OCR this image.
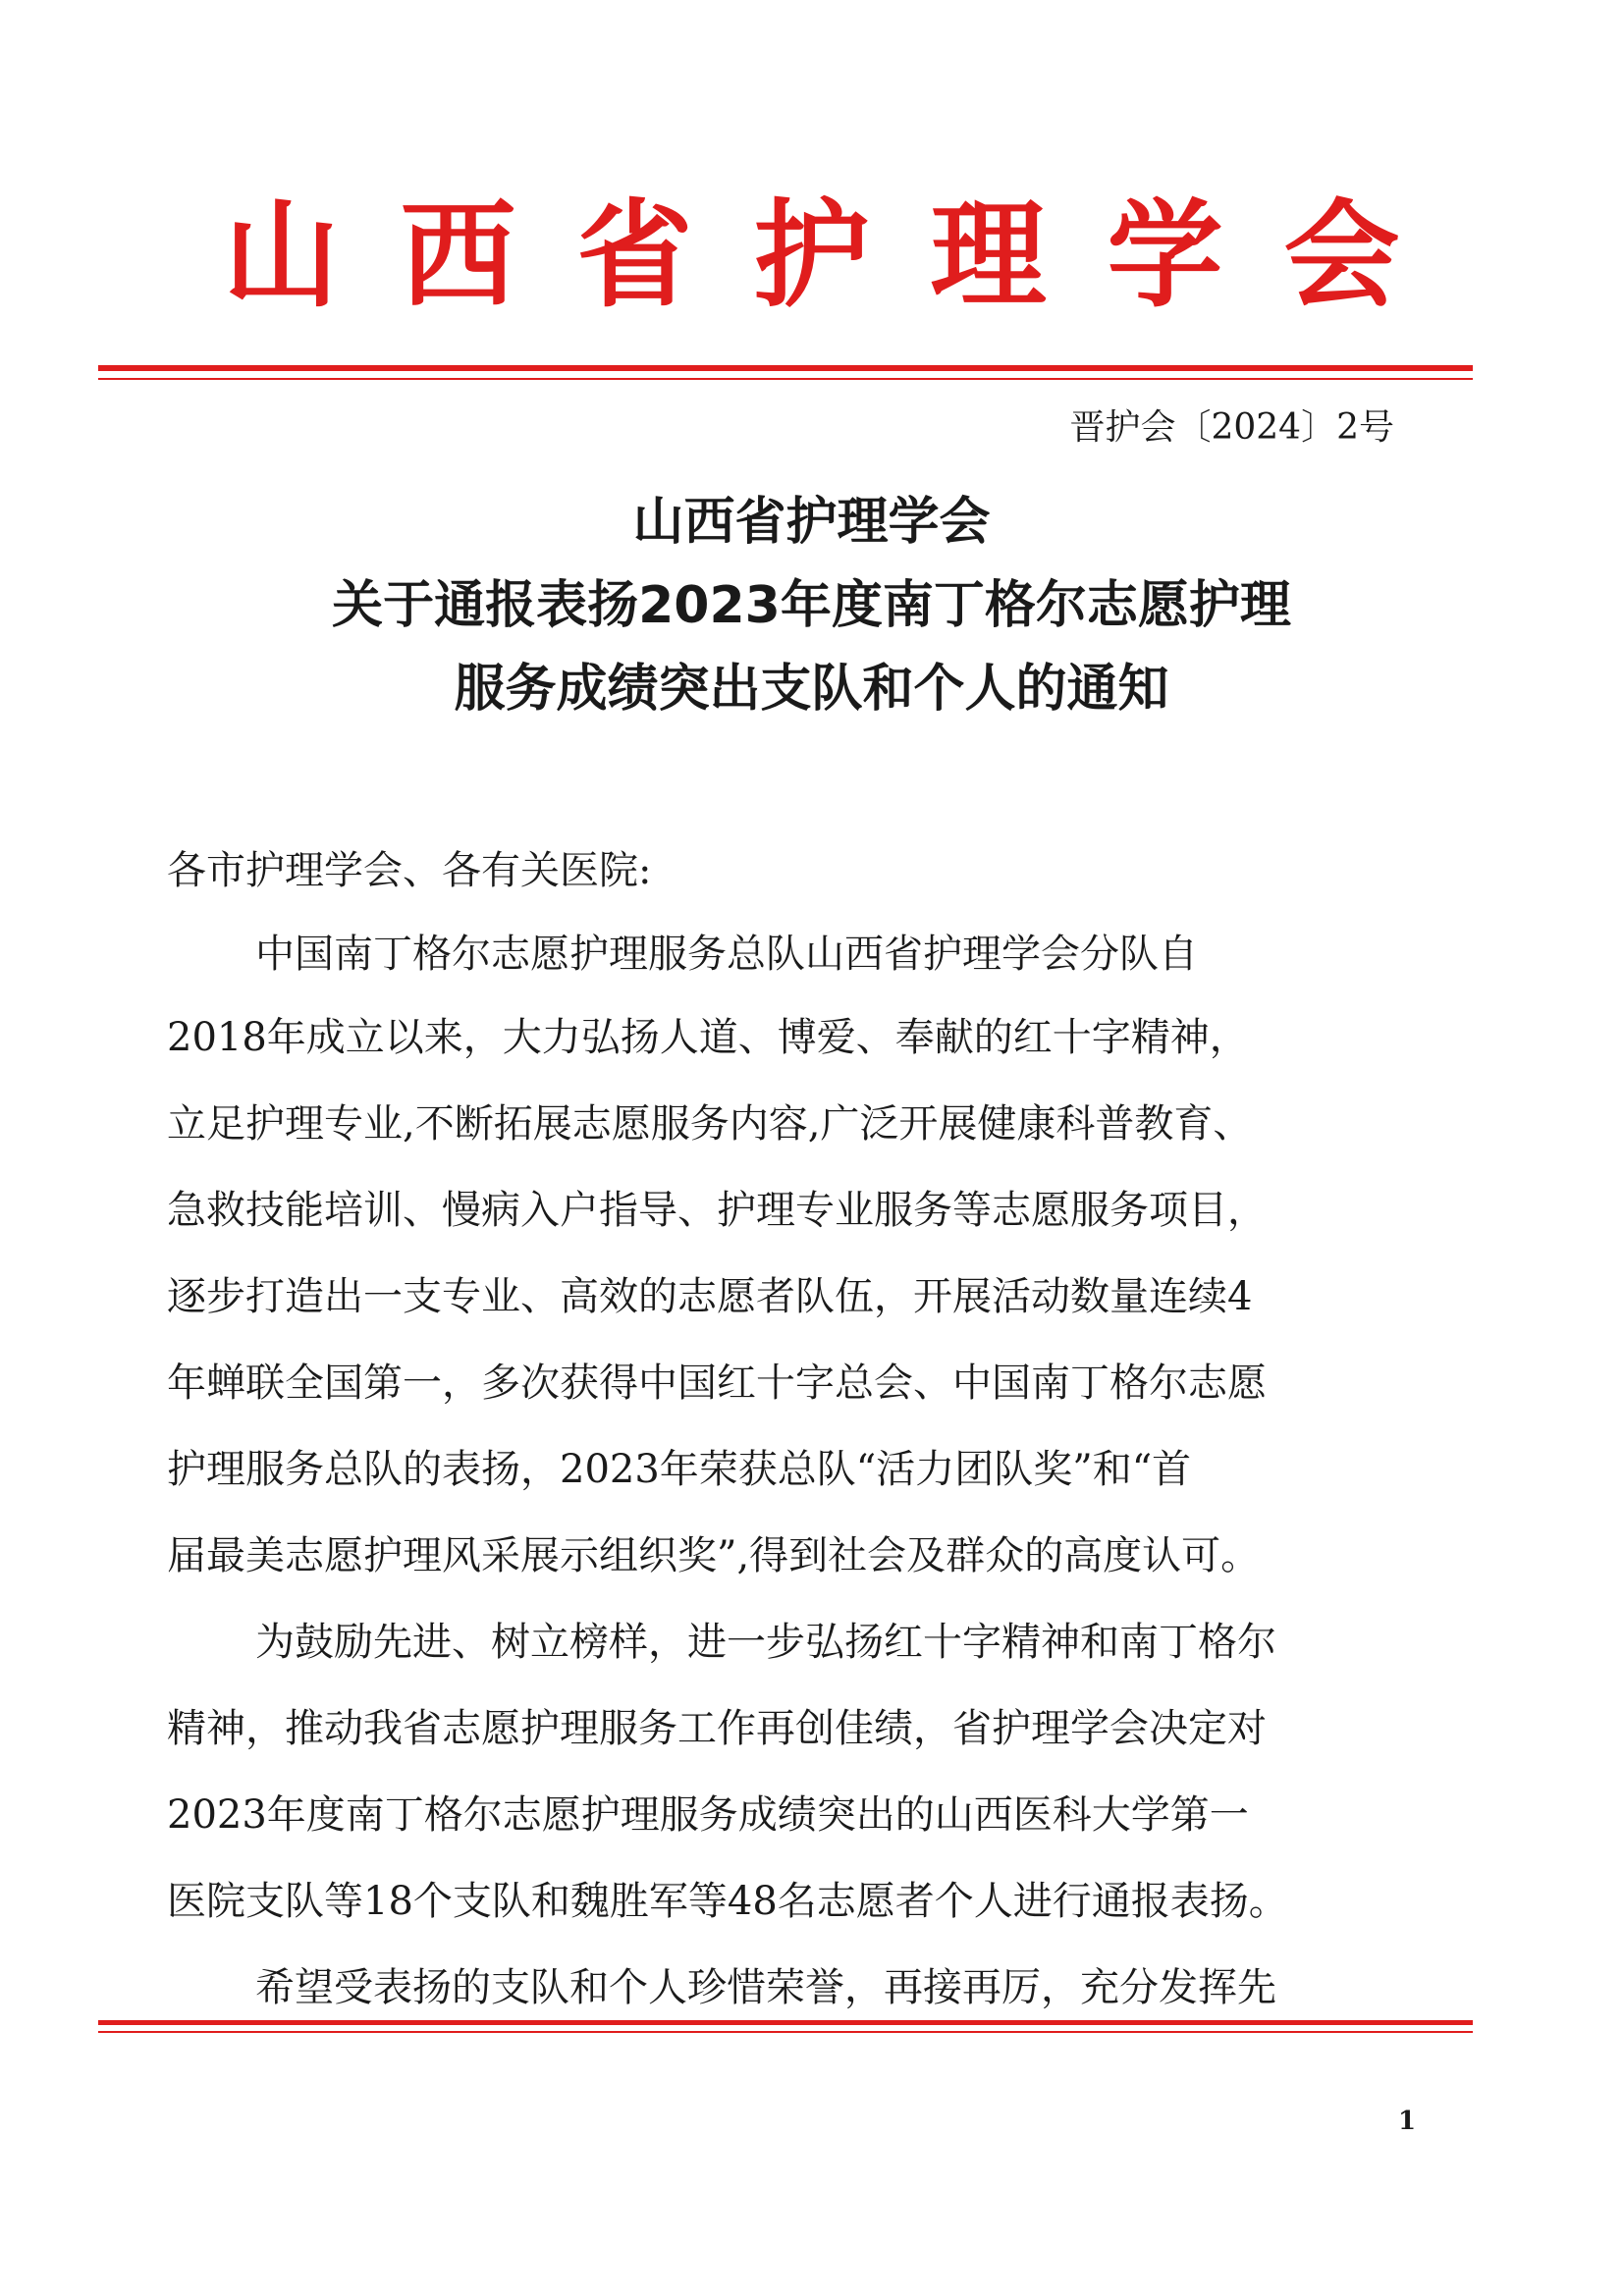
山西省护理学会
晋护会〔2024〕2号
山西省护理学会
关于通报表扬2023年度南丁格尔志愿护理
服务成绩突出支队和个人的通知
各市护理学会、各有关医院:
中国南丁格尔志愿护理服务总队山西省护理学会分队自
2018年成立以来，大力弘扬人道、博爱、奉献的红十字精神，
立足护理专业,不断拓展志愿服务内容,广泛开展健康科普教育、
急救技能培训、慢病入户指导、护理专业服务等志愿服务项目，
逐步打造出一支专业、高效的志愿者队伍，开展活动数量连续4
年蝉联全国第一，多次获得中国红十字总会、中国南丁格尔志愿
护理服务总队的表扬，2023年荣获总队“活力团队奖”和“首
届最美志愿护理风采展示组织奖”,得到社会及群众的高度认可。
为鼓励先进、树立榜样，进一步弘扬红十字精神和南丁格尔
精神，推动我省志愿护理服务工作再创佳绩，省护理学会决定对
2023年度南丁格尔志愿护理服务成绩突出的山西医科大学第一
医院支队等18个支队和魏胜军等48名志愿者个人进行通报表扬。
希望受表扬的支队和个人珍惜荣誉，再接再厉，充分发挥先
1
